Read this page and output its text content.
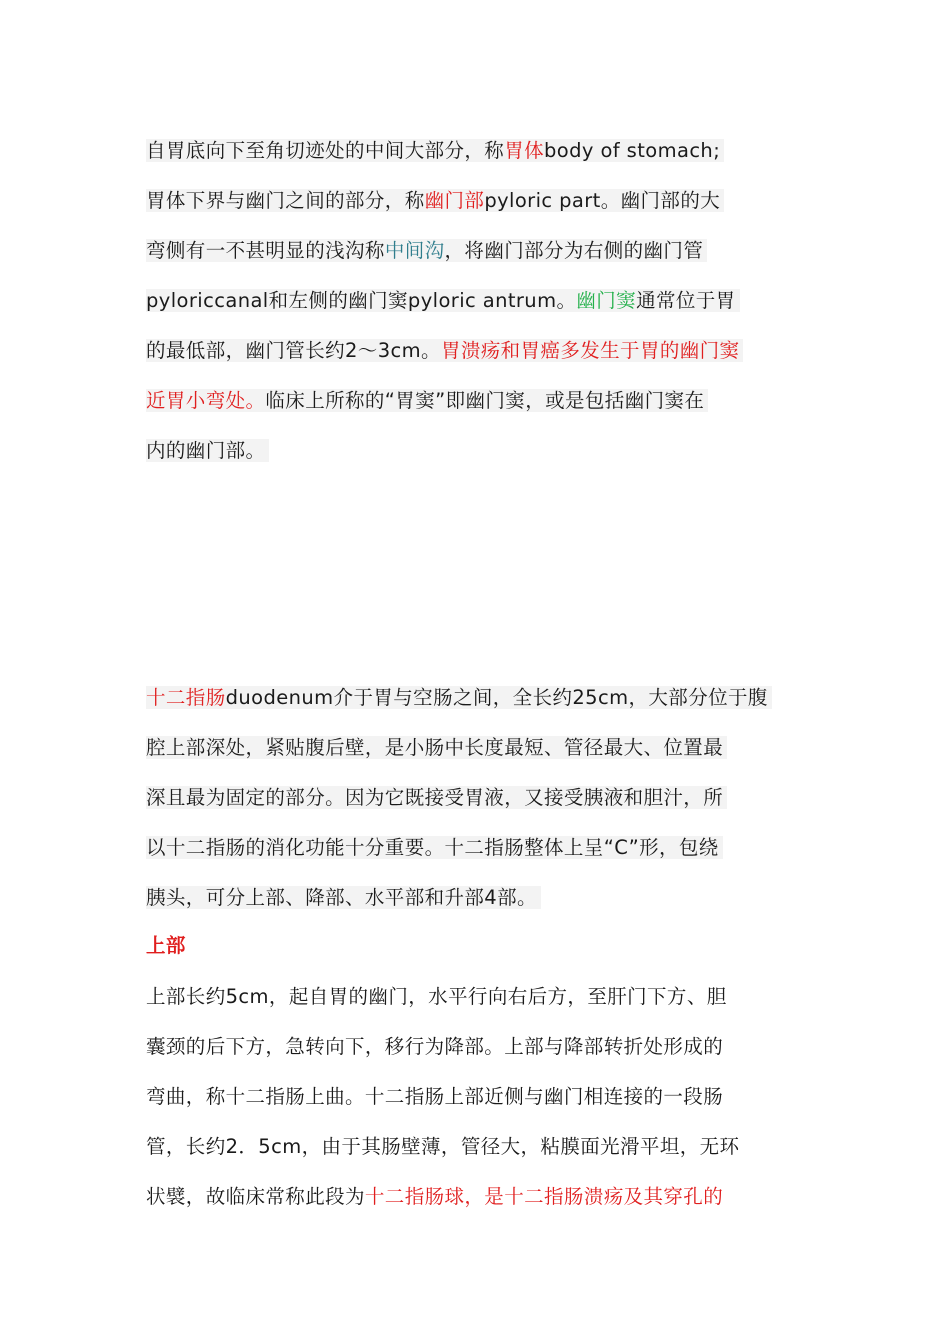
自胃底向下至角切迹处的中间大部分，称胃体body of stomach;
胃体下界与幽门之间的部分，称幽门部pyloric part。幽门部的大
弯侧有一不甚明显的浅沟称中间沟，将幽门部分为右侧的幽门管
pyloriccanal和左侧的幽门窦pyloric antrum。幽门窦通常位于胃
的最低部，幽门管长约2～3cm。胃溃疡和胃癌多发生于胃的幽门窦
近胃小弯处。临床上所称的“胃窦”即幽门窦，或是包括幽门窦在
内的幽门部。
十二指肠duodenum介于胃与空肠之间，全长约25cm，大部分位于腹
腔上部深处，紧贴腹后壁，是小肠中长度最短、管径最大、位置最
深且最为固定的部分。因为它既接受胃液，又接受胰液和胆汁，所
以十二指肠的消化功能十分重要。十二指肠整体上呈“C”形，包绕
胰头，可分上部、降部、水平部和升部4部。
上部
上部长约5cm，起自胃的幽门，水平行向右后方，至肝门下方、胆
囊颈的后下方，急转向下，移行为降部。上部与降部转折处形成的
弯曲，称十二指肠上曲。十二指肠上部近侧与幽门相连接的一段肠
管，长约2．5cm，由于其肠壁薄，管径大，粘膜面光滑平坦，无环
状襞，故临床常称此段为十二指肠球，是十二指肠溃疡及其穿孔的
